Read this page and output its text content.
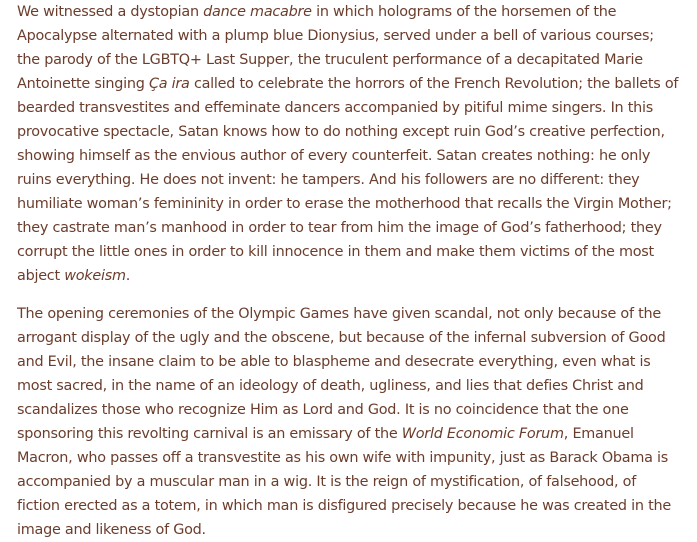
We witnessed a dystopian dance macabre in which holograms of the horsemen of the Apocalypse alternated with a plump blue Dionysius, served under a bell of various courses; the parody of the LGBTQ+ Last Supper, the truculent performance of a decapitated Marie Antoinette singing Ça ira called to celebrate the horrors of the French Revolution; the ballets of bearded transvestites and effeminate dancers accompanied by pitiful mime singers. In this provocative spectacle, Satan knows how to do nothing except ruin God’s creative perfection, showing himself as the envious author of every counterfeit. Satan creates nothing: he only ruins everything. He does not invent: he tampers. And his followers are no different: they humiliate woman’s femininity in order to erase the motherhood that recalls the Virgin Mother; they castrate man’s manhood in order to tear from him the image of God’s fatherhood; they corrupt the little ones in order to kill innocence in them and make them victims of the most abject wokeism.

The opening ceremonies of the Olympic Games have given scandal, not only because of the arrogant display of the ugly and the obscene, but because of the infernal subversion of Good and Evil, the insane claim to be able to blaspheme and desecrate everything, even what is most sacred, in the name of an ideology of death, ugliness, and lies that defies Christ and scandalizes those who recognize Him as Lord and God. It is no coincidence that the one sponsoring this revolting carnival is an emissary of the World Economic Forum, Emanuel Macron, who passes off a transvestite as his own wife with impunity, just as Barack Obama is accompanied by a muscular man in a wig. It is the reign of mystification, of falsehood, of fiction erected as a totem, in which man is disfigured precisely because he was created in the image and likeness of God.
